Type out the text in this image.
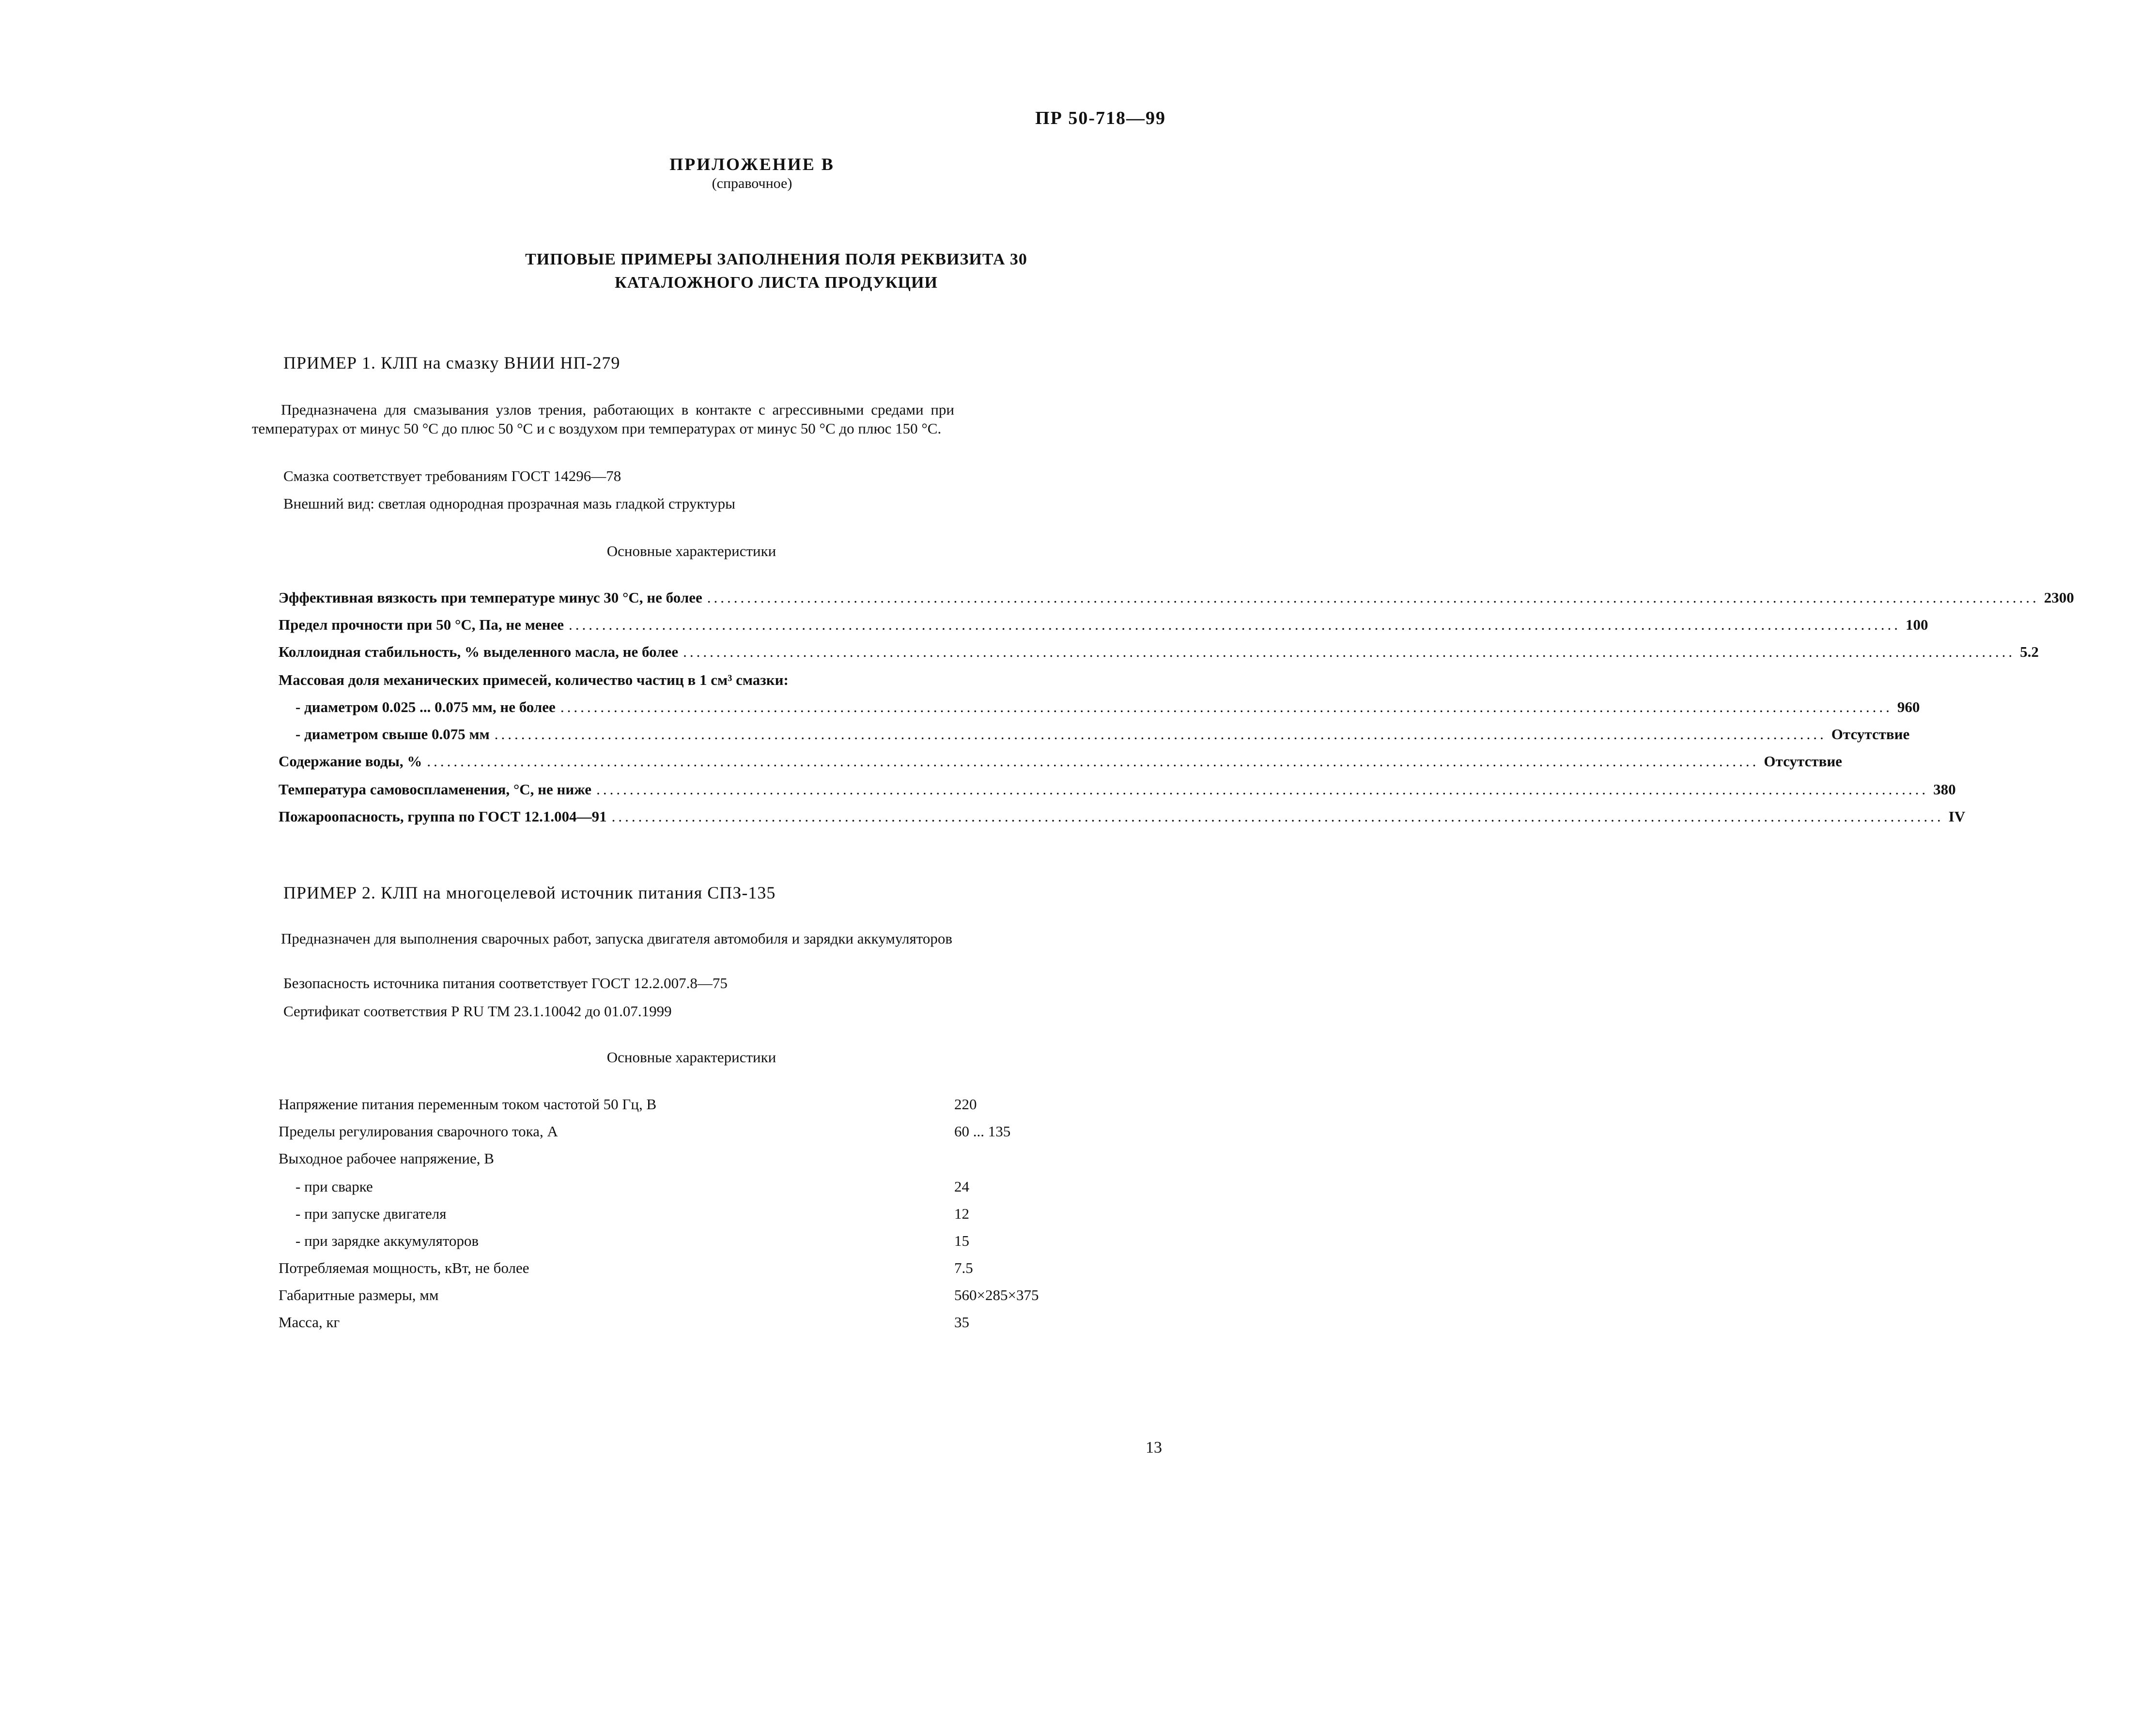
ПР 50-718—99
ПРИЛОЖЕНИЕ В
(справочное)
ТИПОВЫЕ ПРИМЕРЫ ЗАПОЛНЕНИЯ ПОЛЯ РЕКВИЗИТА 30
КАТАЛОЖНОГО ЛИСТА ПРОДУКЦИИ
ПРИМЕР 1. КЛП на смазку ВНИИ НП-279
Предназначена для смазывания узлов трения, работающих в контакте с агрессивными средами при температурах от минус 50 °С до плюс 50 °С и с воздухом при температурах от минус 50 °С до плюс 150 °С.
Смазка соответствует требованиям ГОСТ 14296—78
Внешний вид: светлая однородная прозрачная мазь гладкой структуры
Основные характеристики
Эффективная вязкость при температуре минус 30 °С, не более ........................................................................................................................................................................................................ 2300
Предел прочности при 50 °С, Па, не менее ........................................................................................................................................................................................................ 100
Коллоидная стабильность, % выделенного масла, не более ........................................................................................................................................................................................................ 5.2
Массовая доля механических примесей, количество частиц в 1 см³ смазки:
- диаметром 0.025 ... 0.075 мм, не более ........................................................................................................................................................................................................ 960
- диаметром свыше 0.075 мм ........................................................................................................................................................................................................ Отсутствие
Содержание воды, % ........................................................................................................................................................................................................ Отсутствие
Температура самовоспламенения, °С, не ниже ........................................................................................................................................................................................................ 380
Пожароопасность, группа по ГОСТ 12.1.004—91 ........................................................................................................................................................................................................ IV
ПРИМЕР 2. КЛП на многоцелевой источник питания СПЗ-135
Предназначен для выполнения сварочных работ, запуска двигателя автомобиля и зарядки аккумуляторов
Безопасность источника питания соответствует ГОСТ 12.2.007.8—75
Сертификат соответствия Р RU ТМ 23.1.10042 до 01.07.1999
Основные характеристики
Напряжение питания переменным током частотой 50 Гц, В	220
Пределы регулирования сварочного тока, А	60 ... 135
Выходное рабочее напряжение, В
- при сварке	24
- при запуске двигателя	12
- при зарядке аккумуляторов	15
Потребляемая мощность, кВт, не более	7.5
Габаритные размеры, мм	560×285×375
Масса, кг	35
13
